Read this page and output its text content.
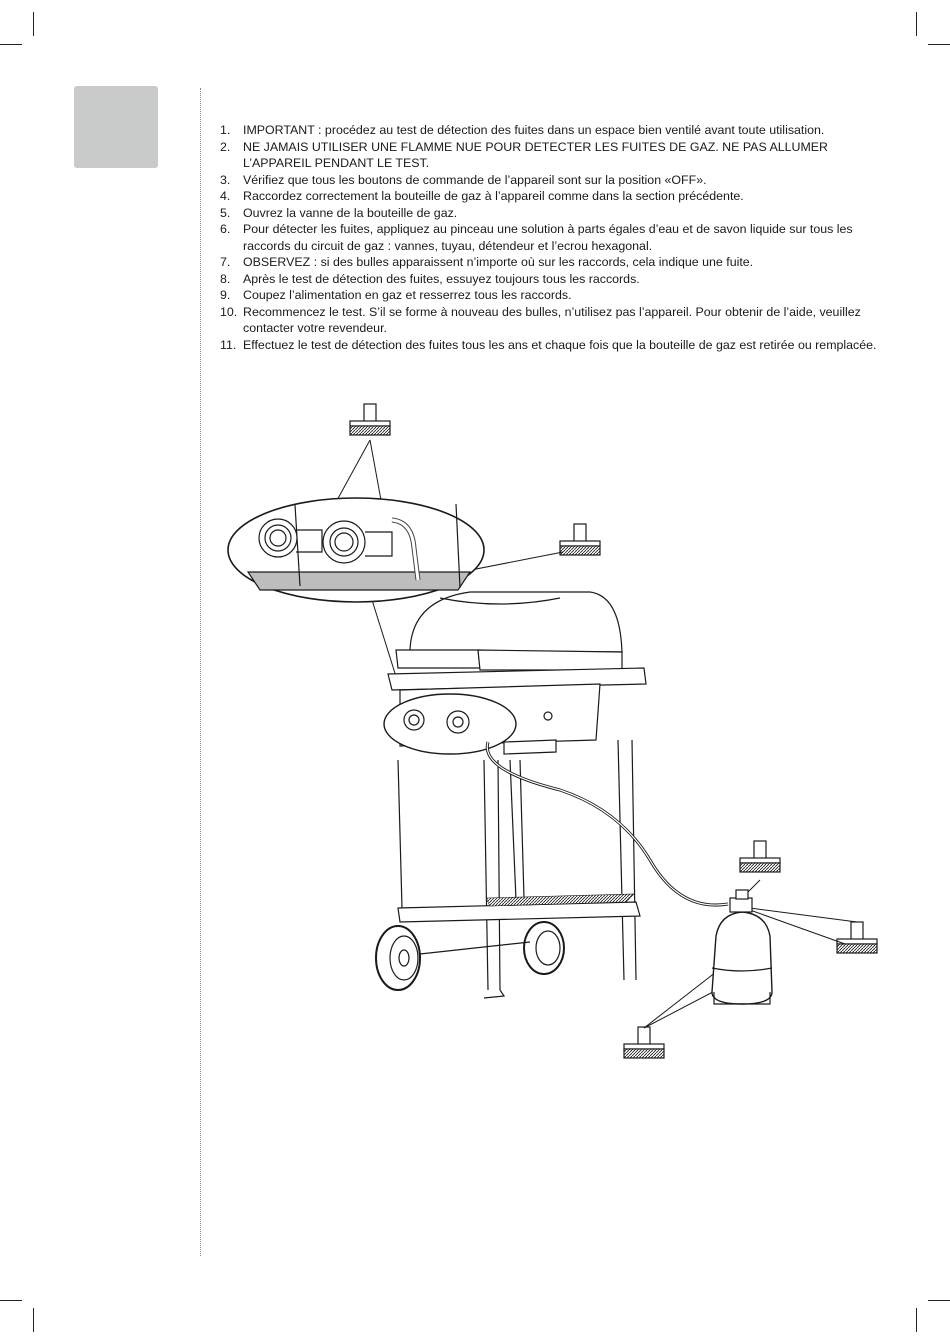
1.	IMPORTANT : procédez au test de détection des fuites dans un espace bien ventilé avant toute utilisation.
2.	NE JAMAIS UTILISER UNE FLAMME NUE POUR DETECTER LES FUITES DE GAZ. NE PAS ALLUMER L’APPAREIL PENDANT LE TEST.
3.	Vérifiez que tous les boutons de commande de l’appareil sont sur la position «OFF».
4.	Raccordez correctement la bouteille de gaz à l’appareil comme dans la section précédente.
5.	Ouvrez la vanne de la bouteille de gaz.
6.	Pour détecter les fuites, appliquez au pinceau une solution à parts égales d’eau et de savon liquide sur tous les raccords du circuit de gaz : vannes, tuyau, détendeur et l’ecrou hexagonal.
7.	OBSERVEZ : si des bulles apparaissent n’importe où sur les raccords, cela indique une fuite.
8.	Après le test de détection des fuites, essuyez toujours tous les raccords.
9.	Coupez l’alimentation en gaz et resserrez tous les raccords.
10. Recommencez le test. S’il se forme à nouveau des bulles, n’utilisez pas l’appareil. Pour obtenir de l’aide, veuillez contacter votre revendeur.
11. Effectuez le test de détection des fuites tous les ans et chaque fois que la bouteille de gaz est retirée ou remplacée.
